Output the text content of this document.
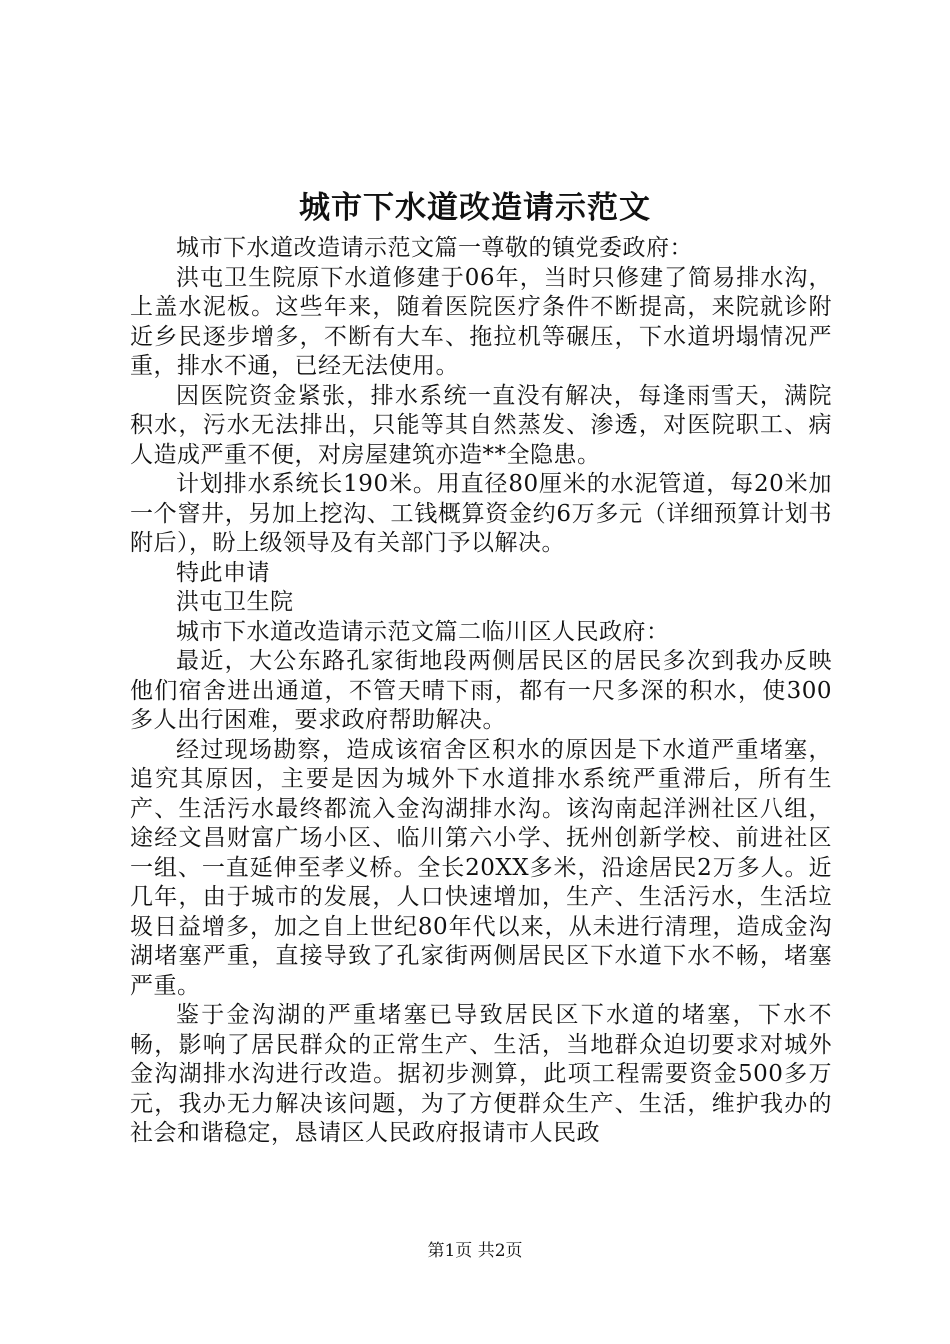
城市下水道改造请示范文

城市下水道改造请示范文篇一尊敬的镇党委政府：

洪屯卫生院原下水道修建于06年，当时只修建了简易排水沟，上盖水泥板。这些年来，随着医院医疗条件不断提高，来院就诊附近乡民逐步增多，不断有大车、拖拉机等碾压，下水道坍塌情况严重，排水不通，已经无法使用。

因医院资金紧张，排水系统一直没有解决，每逢雨雪天，满院积水，污水无法排出，只能等其自然蒸发、渗透，对医院职工、病人造成严重不便，对房屋建筑亦造**全隐患。

计划排水系统长190米。用直径80厘米的水泥管道，每20米加一个窨井，另加上挖沟、工钱概算资金约6万多元（详细预算计划书附后），盼上级领导及有关部门予以解决。

特此申请

洪屯卫生院

城市下水道改造请示范文篇二临川区人民政府：

最近，大公东路孔家街地段两侧居民区的居民多次到我办反映他们宿舍进出通道，不管天晴下雨，都有一尺多深的积水，使300多人出行困难，要求政府帮助解决。

经过现场勘察，造成该宿舍区积水的原因是下水道严重堵塞，追究其原因，主要是因为城外下水道排水系统严重滞后，所有生产、生活污水最终都流入金沟湖排水沟。该沟南起洋洲社区八组，途经文昌财富广场小区、临川第六小学、抚州创新学校、前进社区一组、一直延伸至孝义桥。全长20XX多米，沿途居民2万多人。近几年，由于城市的发展，人口快速增加，生产、生活污水，生活垃圾日益增多，加之自上世纪80年代以来，从未进行清理，造成金沟湖堵塞严重，直接导致了孔家街两侧居民区下水道下水不畅，堵塞严重。

鉴于金沟湖的严重堵塞已导致居民区下水道的堵塞，下水不畅，影响了居民群众的正常生产、生活，当地群众迫切要求对城外金沟湖排水沟进行改造。据初步测算，此项工程需要资金500多万元，我办无力解决该问题，为了方便群众生产、生活，维护我办的社会和谐稳定，恳请区人民政府报请市人民政

第1页 共2页
